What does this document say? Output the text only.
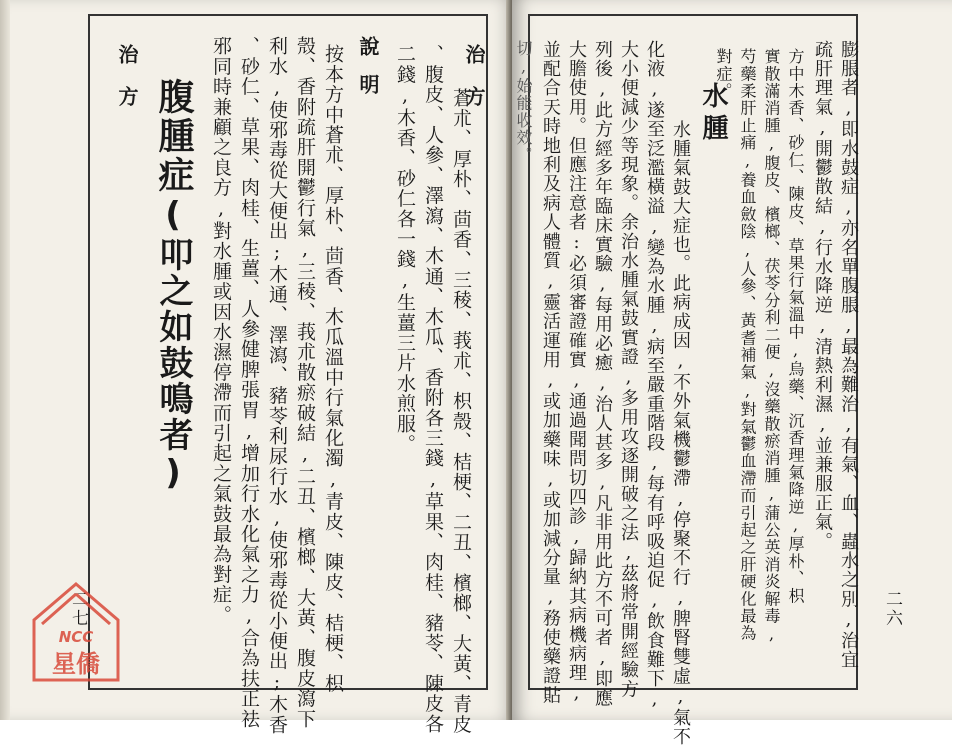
治方
治方
蒼朮、厚朴、茴香、三稜、莪朮、枳殼、桔梗、二丑、檳榔、大黃、青皮
、腹皮、人參、澤瀉、木通、木瓜、香附各三錢,草果、肉桂、豬苓、陳皮各
二錢,木香、砂仁各一錢,生薑三片水煎服。
說明
按本方中蒼朮、厚朴、茴香、木瓜溫中行氣化濁,青皮、陳皮、桔梗、枳
殼、香附疏肝開鬱行氣,三稜、莪朮散瘀破結,二丑、檳榔、大黃、腹皮瀉下
利水,使邪毒從大便出;木通、澤瀉、豬苓利尿行水,使邪毒從小便出;木香
、砂仁、草果、肉桂、生薑、人參健脾張胃,增加行水化氣之力,合為扶正祛
邪同時兼顧之良方,對水腫或因水濕停滯而引起之氣鼓最為對症。
腹腫症(叩之如鼓鳴者)
二七	膨脹者,即水鼓症,亦名單腹脹,最為難治,有氣、血、蟲水之別,治宜
疏肝理氣,開鬱散結,行水降逆,清熱利濕,並兼服正氣。
方中木香、砂仁、陳皮、草果行氣溫中,烏藥、沉香理氣降逆,厚朴、枳
實散滿消腫,腹皮、檳榔、茯苓分利二便,沒藥散瘀消腫,蒲公英消炎解毒,
芍藥柔肝止痛,養血斂陰,人參、黃耆補氣,對氣鬱血滯而引起之肝硬化最為
對症。
水腫
水腫氣鼓大症也。此病成因,不外氣機鬱滯,停聚不行,脾腎雙虛,氣不
化液,遂至泛濫橫溢,變為水腫,病至嚴重階段,每有呼吸迫促,飲食難下,
大小便減少等現象。余治水腫氣鼓實證,多用攻逐開破之法,茲將常開經驗方
列後,此方經多年臨床實驗,每用必癒,治人甚多,凡非用此方不可者,即應
大膽使用。但應注意者:必須審證確實,通過聞問切四診,歸納其病機病理,
並配合天時地利及病人體質,靈活運用,或加藥味,或加減分量,務使藥證貼
切,始能收效。
二六
NCC
星僑
